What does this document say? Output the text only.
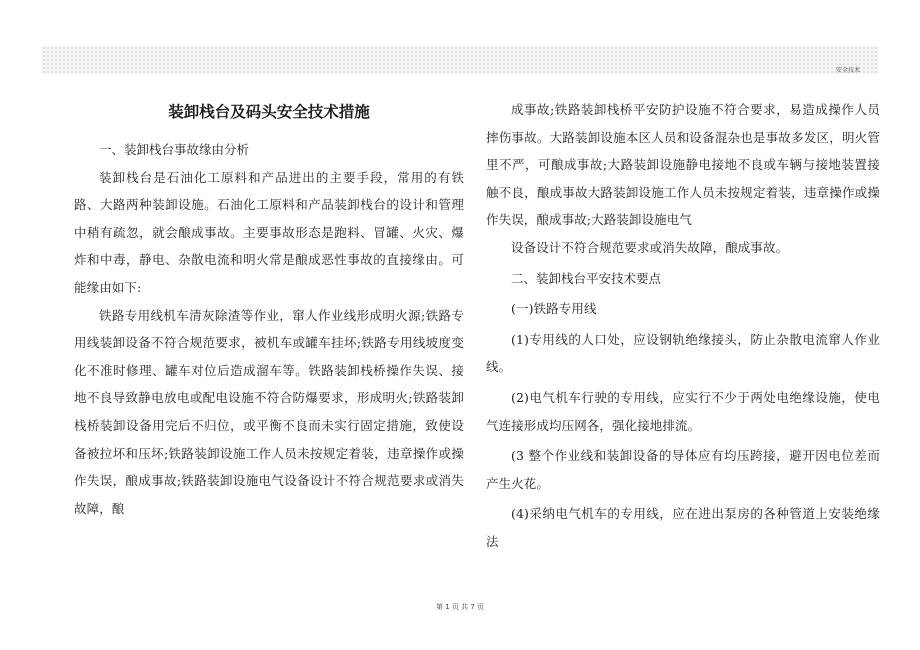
安全技术
装卸栈台及码头安全技术措施

一、装卸栈台事故缘由分析

装卸栈台是石油化工原料和产品进出的主要手段，常用的有铁路、大路两种装卸设施。石油化工原料和产品装卸栈台的设计和管理中稍有疏忽，就会酿成事故。主要事故形态是跑料、冒罐、火灾、爆炸和中毒，静电、杂散电流和明火常是酿成恶性事故的直接缘由。可能缘由如下:

铁路专用线机车清灰除渣等作业，窜人作业线形成明火源;铁路专用线装卸设备不符合规范要求，被机车或罐车挂坏;铁路专用线坡度变化不准时修理、罐车对位后造成溜车等。铁路装卸栈桥操作失误、接地不良导致静电放电或配电设施不符合防爆要求，形成明火;铁路装卸栈桥装卸设备用完后不归位，或平衡不良而未实行固定措施，致使设备被拉坏和压坏;铁路装卸设施工作人员未按规定着装，违章操作或操作失误，酿成事故;铁路装卸设施电气设备设计不符合规范要求或消失故障，酿

成事故;铁路装卸栈桥平安防护设施不符合要求，易造成操作人员摔伤事故。大路装卸设施本区人员和设备混杂也是事故多发区，明火管里不严，可酿成事故;大路装卸设施静电接地不良或车辆与接地装置接触不良，酿成事故大路装卸设施工作人员未按规定着装，违章操作或操作失误，酿成事故;大路装卸设施电气

设备设计不符合规范要求或消失故障，酿成事故。

二、装卸栈台平安技术要点

(一)铁路专用线

(1)专用线的人口处，应设钢轨绝缘接头，防止杂散电流窜人作业线。

(2)电气机车行驶的专用线，应实行不少于两处电绝缘设施，使电气连接形成均压网各，强化接地排流。

(3 整个作业线和装卸设备的导体应有均压跨接，避开因电位差而产生火花。

(4)采纳电气机车的专用线，应在进出泵房的各种管道上安装绝缘法

第 1 页 共 7 页
